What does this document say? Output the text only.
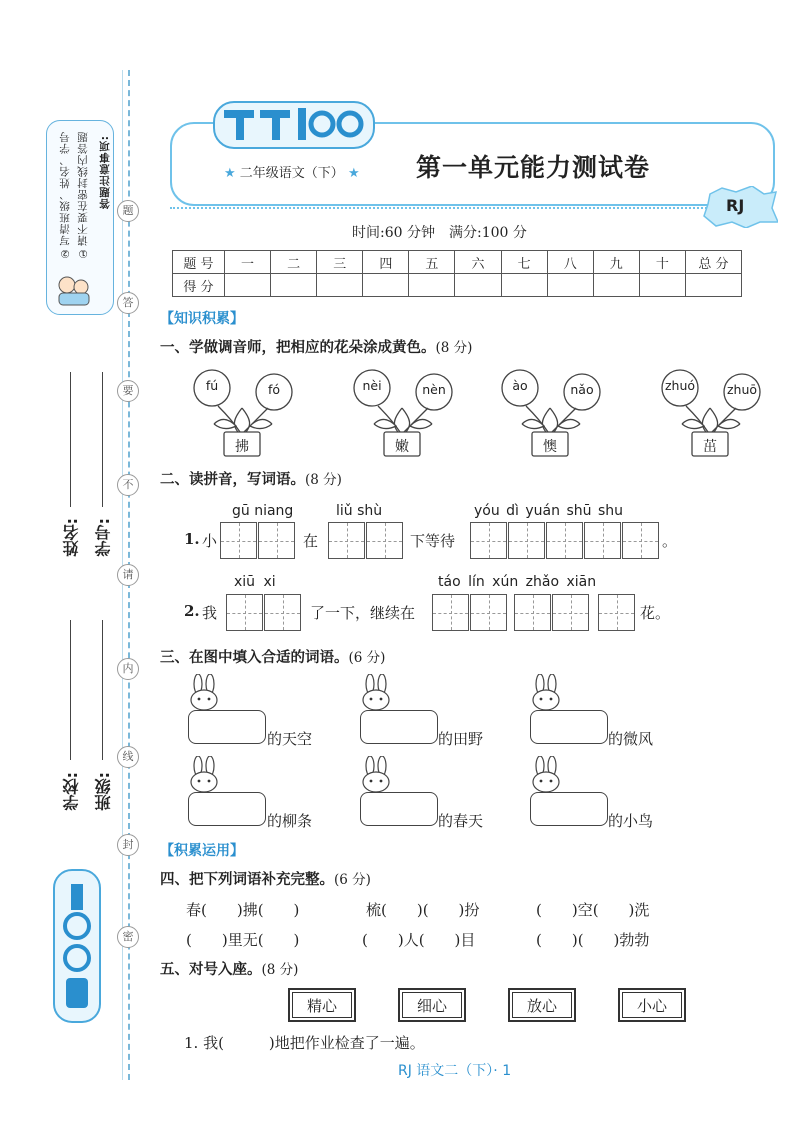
答题注意事项:
①请不要在密封线内答题
②写清班级、姓名、学号	题
答
要
不
请
内
线
封
密
姓名: 学号:
学校: 班级:
★ 二年级语文（下） ★ 第一单元能力测试卷
RJ
时间:60 分钟　满分:100 分
题 号	一	二	三	四	五	六	七	八	九	十	总 分
得 分											
【知识积累】
一、学做调音师，把相应的花朵涂成黄色。(8 分)
fú	fó
拂
nèi	nèn
嫩
ào	nǎo
懊
zhuó	zhuō
茁
二、读拼音，写词语。(8 分)
gū niang	liǔ shù	yóu dì yuán shū shu
1. 小	在	下等待	。
xiū xi	táo lín xún zhǎo xiān
2. 我	了一下，继续在	花。
三、在图中填入合适的词语。(6 分)
的天空	的田野	的微风
的柳条	的春天	的小鸟
【积累运用】
四、把下列词语补充完整。(6 分)
春(　　)拂(　　)	梳(　　)(　　)扮	(　　)空(　　)洗
(　　)里无(　　)	(　　)人(　　)目	(　　)(　　)勃勃
五、对号入座。(8 分)
精心	细心	放心	小心
1. 我(　　　)地把作业检查了一遍。
RJ 语文二（下）· 1
